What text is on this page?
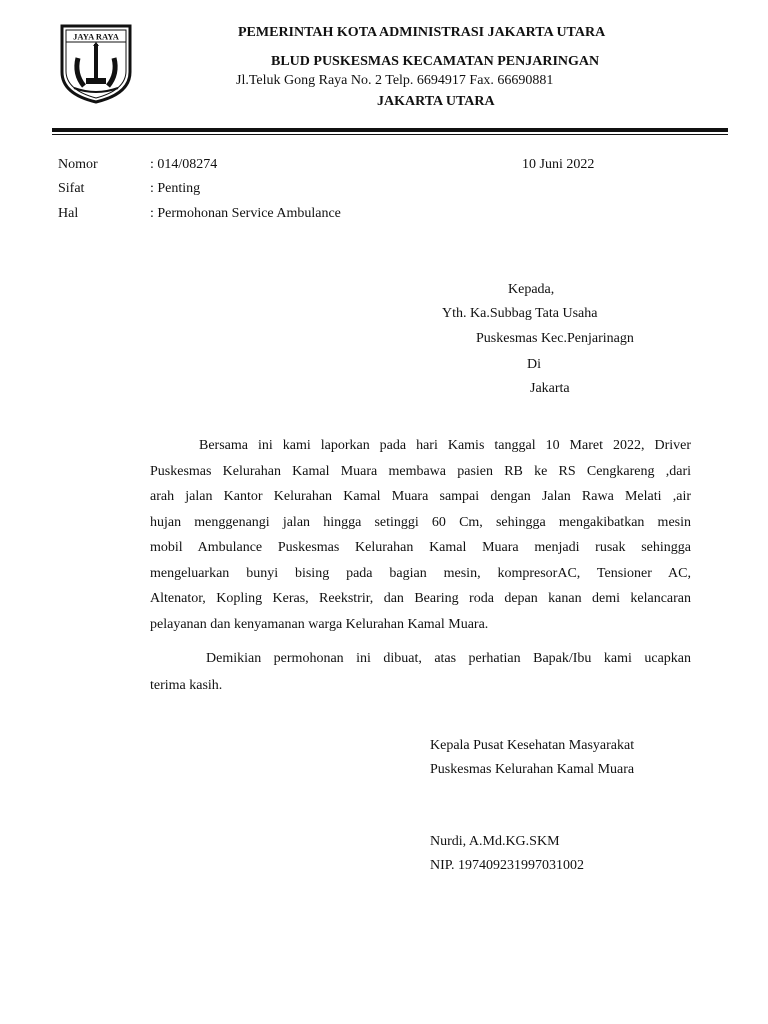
JAYA RAYA	PEMERINTAH KOTA ADMINISTRASI JAKARTA UTARA
BLUD PUSKESMAS KECAMATAN PENJARINGAN
Jl.Teluk Gong Raya No. 2 Telp. 6694917 Fax. 66690881
JAKARTA UTARA
Nomor	: 014/08274	10 Juni 2022
Sifat	: Penting
Hal	: Permohonan Service Ambulance
Kepada,
Yth. Ka.Subbag Tata Usaha
Puskesmas Kec.Penjarinagn
Di
Jakarta
Bersama ini kami laporkan pada hari Kamis tanggal 10 Maret 2022, Driver
Puskesmas Kelurahan Kamal Muara membawa pasien RB ke RS Cengkareng ,dari
arah jalan Kantor Kelurahan Kamal Muara sampai dengan Jalan Rawa Melati ,air
hujan menggenangi jalan hingga setinggi 60 Cm, sehingga mengakibatkan mesin
mobil Ambulance Puskesmas Kelurahan Kamal Muara menjadi rusak sehingga
mengeluarkan bunyi bising pada bagian mesin, kompresorAC, Tensioner AC,
Altenator, Kopling Keras, Reekstrir, dan Bearing roda depan kanan demi kelancaran
pelayanan dan kenyamanan warga Kelurahan Kamal Muara.
Demikian permohonan ini dibuat, atas perhatian Bapak/Ibu kami ucapkan
terima kasih.
Kepala Pusat Kesehatan Masyarakat
Puskesmas Kelurahan Kamal Muara
Nurdi, A.Md.KG.SKM
NIP. 197409231997031002
